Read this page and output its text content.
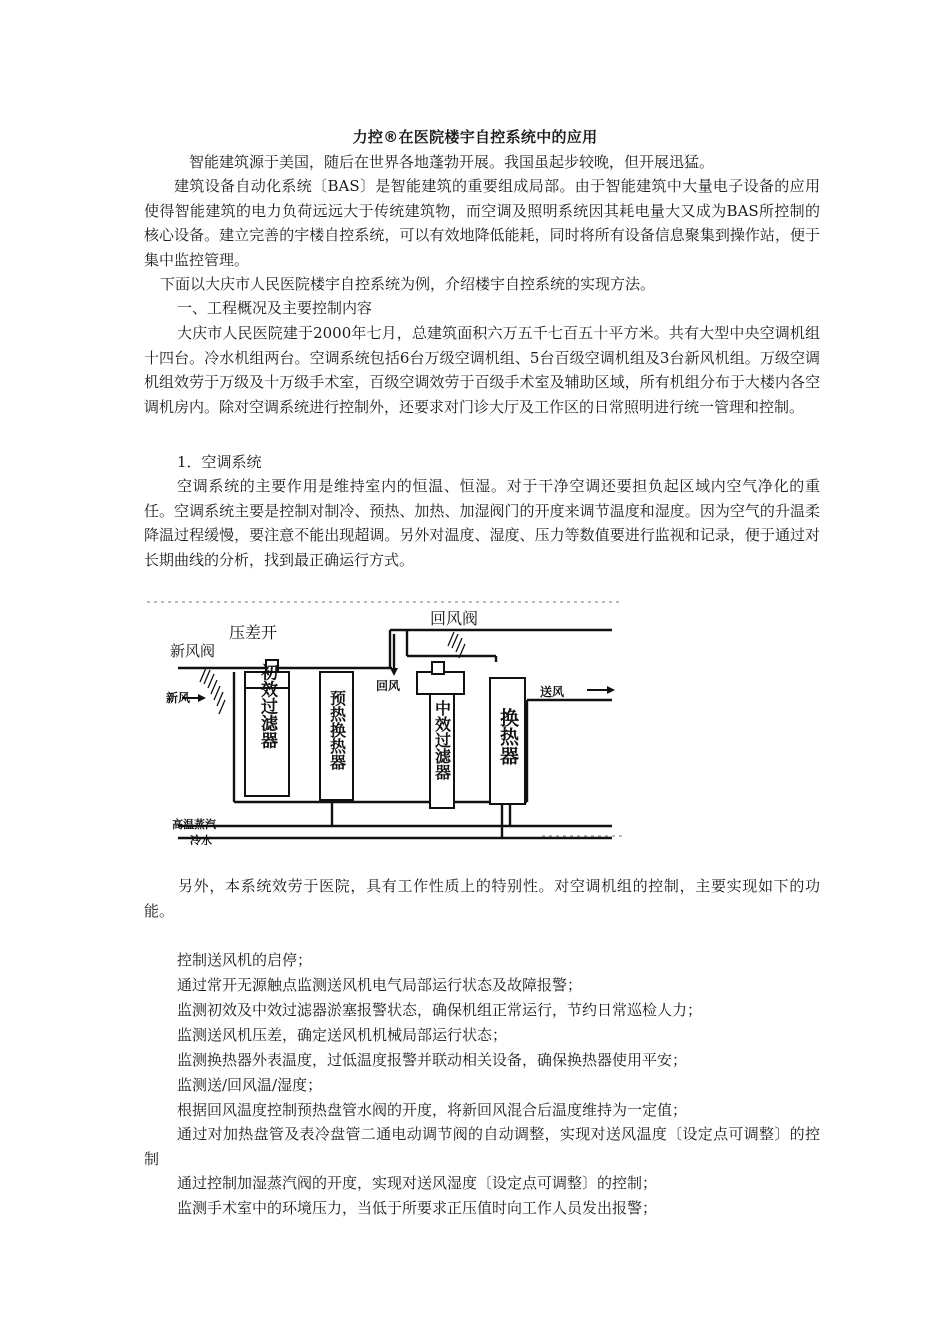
力控®在医院楼宇自控系统中的应用
智能建筑源于美国，随后在世界各地蓬勃开展。我国虽起步较晚，但开展迅猛。
建筑设备自动化系统〔BAS〕是智能建筑的重要组成局部。由于智能建筑中大量电子设备的应用使得智能建筑的电力负荷远远大于传统建筑物，而空调及照明系统因其耗电量大又成为BAS所控制的核心设备。建立完善的宇楼自控系统，可以有效地降低能耗，同时将所有设备信息聚集到操作站，便于集中监控管理。
下面以大庆市人民医院楼宇自控系统为例，介绍楼宇自控系统的实现方法。
一、工程概况及主要控制内容
大庆市人民医院建于2000年七月，总建筑面积六万五千七百五十平方米。共有大型中央空调机组十四台。冷水机组两台。空调系统包括6台万级空调机组、5台百级空调机组及3台新风机组。万级空调机组效劳于万级及十万级手术室，百级空调效劳于百级手术室及辅助区域，所有机组分布于大楼内各空调机房内。除对空调系统进行控制外，还要求对门诊大厅及工作区的日常照明进行统一管理和控制。
1．空调系统
空调系统的主要作用是维持室内的恒温、恒湿。对于干净空调还要担负起区域内空气净化的重任。空调系统主要是控制对制冷、预热、加热、加湿阀门的开度来调节温度和湿度。因为空气的升温柔降温过程缓慢，要注意不能出现超调。另外对温度、湿度、压力等数值要进行监视和记录，便于通过对长期曲线的分析，找到最正确运行方式。
压差开
新风阀
回风阀
新风
回风	送风
高温蒸汽
冷水
初效过滤器	预热换热器	中效过滤器 换热器
另外，本系统效劳于医院，具有工作性质上的特别性。对空调机组的控制，主要实现如下的功能。
控制送风机的启停；
通过常开无源触点监测送风机电气局部运行状态及故障报警；
监测初效及中效过滤器淤塞报警状态，确保机组正常运行，节约日常巡检人力；
监测送风机压差，确定送风机机械局部运行状态；
监测换热器外表温度，过低温度报警并联动相关设备，确保换热器使用平安；
监测送/回风温/湿度；
根据回风温度控制预热盘管水阀的开度，将新回风混合后温度维持为一定值；
通过对加热盘管及表冷盘管二通电动调节阀的自动调整，实现对送风温度〔设定点可调整〕的控制
通过控制加湿蒸汽阀的开度，实现对送风湿度〔设定点可调整〕的控制；
监测手术室中的环境压力，当低于所要求正压值时向工作人员发出报警；
